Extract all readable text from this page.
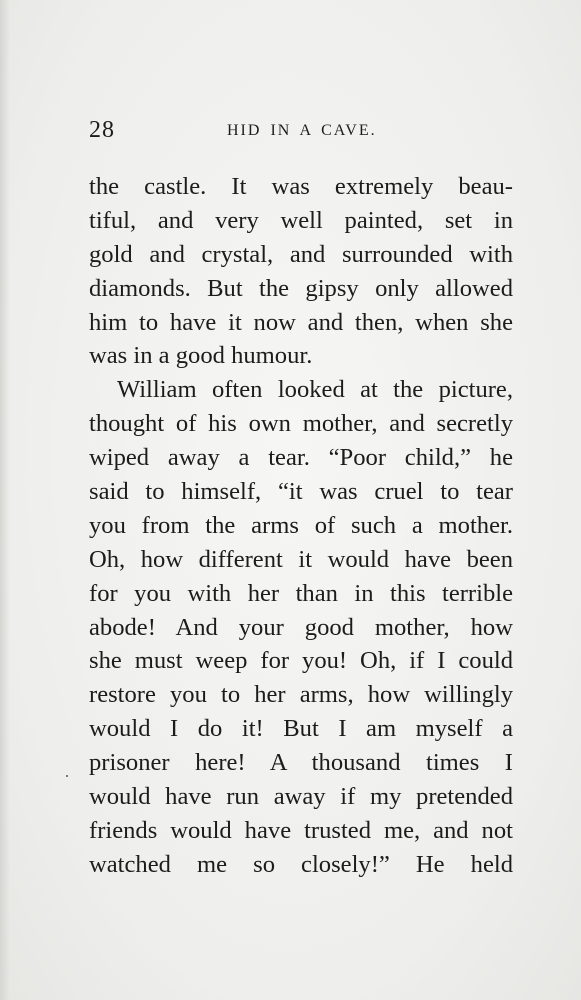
28	HID IN A CAVE.
the castle. It was extremely beau-
tiful, and very well painted, set in
gold and crystal, and surrounded with
diamonds. But the gipsy only allowed
him to have it now and then, when she
was in a good humour.
William often looked at the picture,
thought of his own mother, and secretly
wiped away a tear. “Poor child,” he
said to himself, “it was cruel to tear
you from the arms of such a mother.
Oh, how different it would have been
for you with her than in this terrible
abode! And your good mother, how
she must weep for you! Oh, if I could
restore you to her arms, how willingly
would I do it! But I am myself a
prisoner here! A thousand times I
would have run away if my pretended
friends would have trusted me, and not
watched me so closely!” He held
